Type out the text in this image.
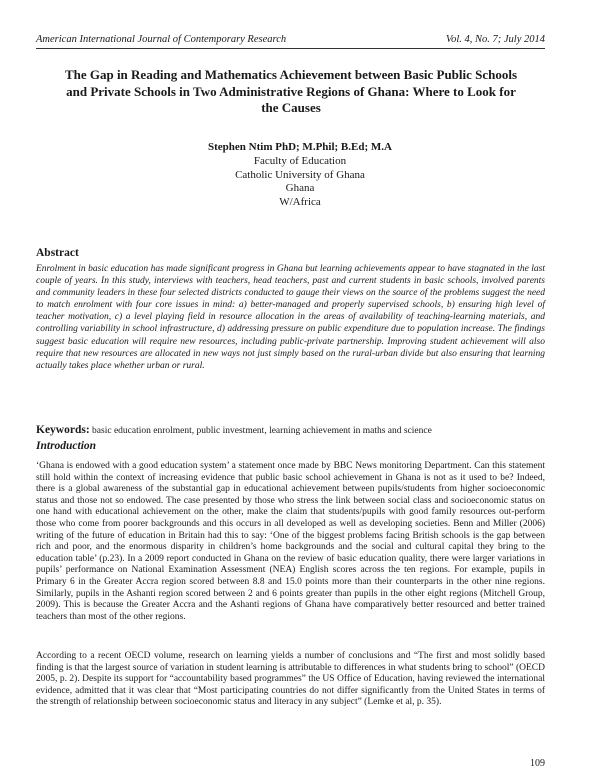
American International Journal of Contemporary Research	Vol. 4, No. 7; July 2014
The Gap in Reading and Mathematics Achievement between Basic Public Schools and Private Schools in Two Administrative Regions of Ghana: Where to Look for the Causes
Stephen Ntim PhD; M.Phil; B.Ed; M.A
Faculty of Education
Catholic University of Ghana
Ghana
W/Africa
Abstract
Enrolment in basic education has made significant progress in Ghana but learning achievements appear to have stagnated in the last couple of years. In this study, interviews with teachers, head teachers, past and current students in basic schools, involved parents and community leaders in these four selected districts conducted to gauge their views on the source of the problems suggest the need to match enrolment with four core issues in mind: a) better-managed and properly supervised schools, b) ensuring high level of teacher motivation, c) a level playing field in resource allocation in the areas of availability of teaching-learning materials, and controlling variability in school infrastructure, d) addressing pressure on public expenditure due to population increase. The findings suggest basic education will require new resources, including public-private partnership. Improving student achievement will also require that new resources are allocated in new ways not just simply based on the rural-urban divide but also ensuring that learning actually takes place whether urban or rural.
Keywords: basic education enrolment, public investment, learning achievement in maths and science
Introduction
‘Ghana is endowed with a good education system’ a statement once made by BBC News monitoring Department. Can this statement still hold within the context of increasing evidence that public basic school achievement in Ghana is not as it used to be? Indeed, there is a global awareness of the substantial gap in educational achievement between pupils/students from higher socioeconomic status and those not so endowed. The case presented by those who stress the link between social class and socioeconomic status on one hand with educational achievement on the other, make the claim that students/pupils with good family resources out-perform those who come from poorer backgrounds and this occurs in all developed as well as developing societies. Benn and Miller (2006) writing of the future of education in Britain had this to say: ‘One of the biggest problems facing British schools is the gap between rich and poor, and the enormous disparity in children’s home backgrounds and the social and cultural capital they bring to the education table’ (p.23). In a 2009 report conducted in Ghana on the review of basic education quality, there were larger variations in pupils’ performance on National Examination Assessment (NEA) English scores across the ten regions. For example, pupils in Primary 6 in the Greater Accra region scored between 8.8 and 15.0 points more than their counterparts in the other nine regions. Similarly, pupils in the Ashanti region scored between 2 and 6 points greater than pupils in the other eight regions (Mitchell Group, 2009). This is because the Greater Accra and the Ashanti regions of Ghana have comparatively better resourced and better trained teachers than most of the other regions.
According to a recent OECD volume, research on learning yields a number of conclusions and “The first and most solidly based finding is that the largest source of variation in student learning is attributable to differences in what students bring to school” (OECD 2005, p. 2). Despite its support for “accountability based programmes” the US Office of Education, having reviewed the international evidence, admitted that it was clear that “Most participating countries do not differ significantly from the United States in terms of the strength of relationship between socioeconomic status and literacy in any subject” (Lemke et al, p. 35).
109
